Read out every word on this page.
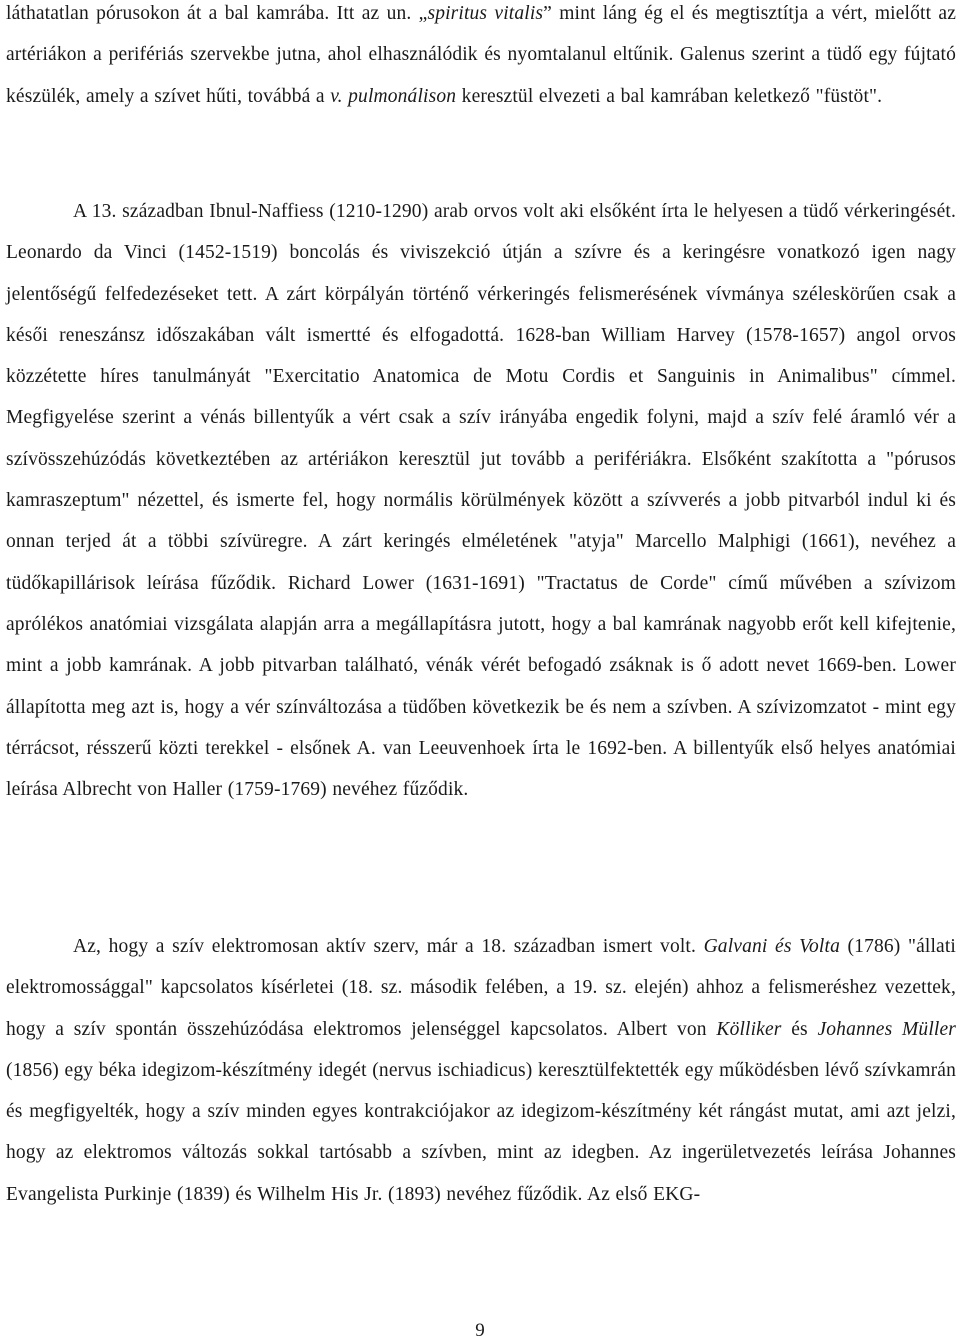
láthatatlan pórusokon át a bal kamrába. Itt az un. „spiritus vitalis” mint láng ég el és megtisztítja a vért, mielőtt az artériákon a perifériás szervekbe jutna, ahol elhasználódik és nyomtalanul eltűnik. Galenus szerint a tüdő egy fújtató készülék, amely a szívet hűti, továbbá a v. pulmonálison keresztül elvezeti a bal kamrában keletkező "füstöt".

A 13. században Ibnul-Naffiess (1210-1290) arab orvos volt aki elsőként írta le helyesen a tüdő vérkeringését. Leonardo da Vinci (1452-1519) boncolás és viviszekció útján a szívre és a keringésre vonatkozó igen nagy jelentőségű felfedezéseket tett. A zárt körpályán történő vérkeringés felismerésének vívmánya széleskörűen csak a késői reneszánsz időszakában vált ismertté és elfogadottá. 1628-ban William Harvey (1578-1657) angol orvos közzétette híres tanulmányát "Exercitatio Anatomica de Motu Cordis et Sanguinis in Animalibus" címmel. Megfigyelése szerint a vénás billentyűk a vért csak a szív irányába engedik folyni, majd a szív felé áramló vér a szívösszehúzódás következtében az artériákon keresztül jut tovább a perifériákra. Elsőként szakította a "pórusos kamraszeptum" nézettel, és ismerte fel, hogy normális körülmények között a szívverés a jobb pitvarból indul ki és onnan terjed át a többi szívüregre. A zárt keringés elméletének "atyja" Marcello Malphigi (1661), nevéhez a tüdőkapillárisok leírása fűződik. Richard Lower (1631-1691) "Tractatus de Corde" című művében a szívizom aprólékos anatómiai vizsgálata alapján arra a megállapításra jutott, hogy a bal kamrának nagyobb erőt kell kifejtenie, mint a jobb kamrának. A jobb pitvarban található, vénák vérét befogadó zsáknak is ő adott nevet 1669-ben. Lower állapította meg azt is, hogy a vér színváltozása a tüdőben következik be és nem a szívben. A szívizomzatot - mint egy térrácsot, résszerű közti terekkel - elsőnek A. van Leeuvenhoek írta le 1692-ben. A billentyűk első helyes anatómiai leírása Albrecht von Haller (1759-1769) nevéhez fűződik.

Az, hogy a szív elektromosan aktív szerv, már a 18. században ismert volt. Galvani és Volta (1786) "állati elektromossággal" kapcsolatos kísérletei (18. sz. második felében, a 19. sz. elején) ahhoz a felismeréshez vezettek, hogy a szív spontán összehúzódása elektromos jelenséggel kapcsolatos. Albert von Kölliker és Johannes Müller (1856) egy béka idegizom-készítmény idegét (nervus ischiadicus) keresztülfektették egy működésben lévő szívkamrán és megfigyelték, hogy a szív minden egyes kontrakciójakor az idegizom-készítmény két rángást mutat, ami azt jelzi, hogy az elektromos változás sokkal tartósabb a szívben, mint az idegben. Az ingerületvezetés leírása Johannes Evangelista Purkinje (1839) és Wilhelm His Jr. (1893) nevéhez fűződik. Az első EKG-

9
